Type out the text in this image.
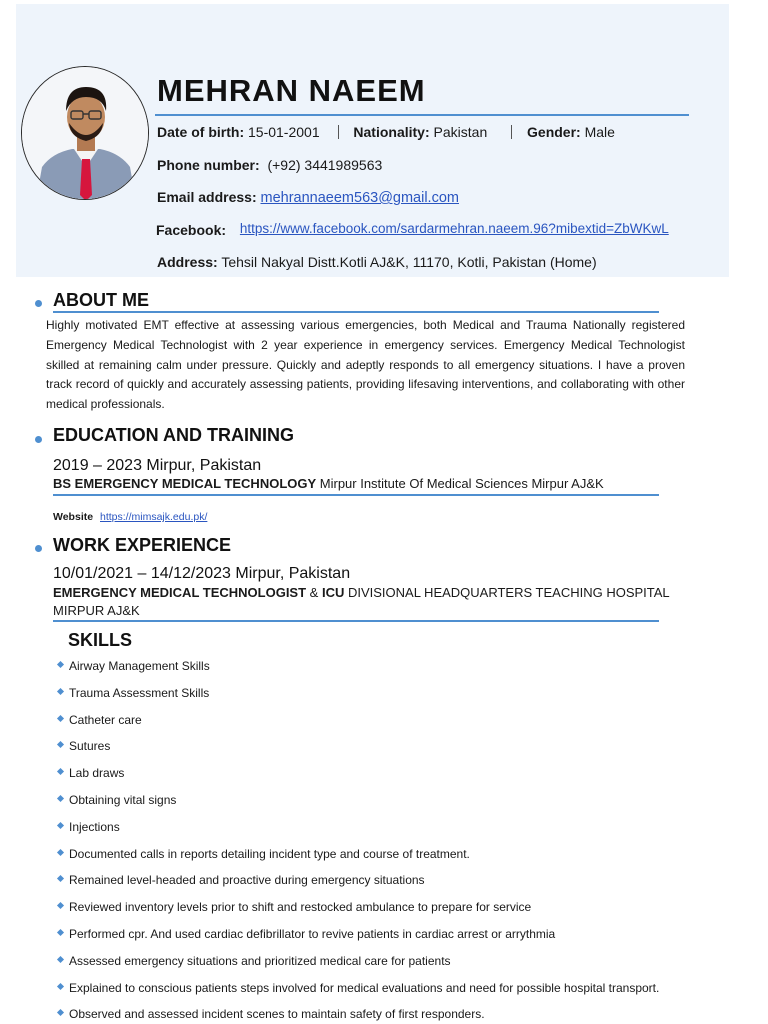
MEHRAN NAEEM
Date of birth: 15-01-2001 Nationality: Pakistan	Gender: Male
Phone number: (+92) 3441989563
Email address: mehrannaeem563@gmail.com
Facebook: https://www.facebook.com/sardarmehran.naeem.96?mibextid=ZbWKwL
Address: Tehsil Nakyal Distt.Kotli AJ&K, 11170, Kotli, Pakistan (Home)
ABOUT ME
Highly motivated EMT effective at assessing various emergencies, both Medical and Trauma Nationally registered Emergency Medical Technologist with 2 year experience in emergency services. Emergency Medical Technologist skilled at remaining calm under pressure. Quickly and adeptly responds to all emergency situations. I have a proven track record of quickly and accurately assessing patients, providing lifesaving interventions, and collaborating with other medical professionals.
EDUCATION AND TRAINING
2019 – 2023 Mirpur, Pakistan
BS EMERGENCY MEDICAL TECHNOLOGY Mirpur Institute Of Medical Sciences Mirpur AJ&K
Website https://mimsajk.edu.pk/
WORK EXPERIENCE
10/01/2021 – 14/12/2023 Mirpur, Pakistan
EMERGENCY MEDICAL TECHNOLOGIST & ICU DIVISIONAL HEADQUARTERS TEACHING HOSPITAL MIRPUR AJ&K
SKILLS
Airway Management Skills
Trauma Assessment Skills
Catheter care
Sutures
Lab draws
Obtaining vital signs
Injections
Documented calls in reports detailing incident type and course of treatment.
Remained level-headed and proactive during emergency situations
Reviewed inventory levels prior to shift and restocked ambulance to prepare for service
Performed cpr. And used cardiac defibrillator to revive patients in cardiac arrest or arrythmia
Assessed emergency situations and prioritized medical care for patients
Explained to conscious patients steps involved for medical evaluations and need for possible hospital transport.
Observed and assessed incident scenes to maintain safety of first responders.
